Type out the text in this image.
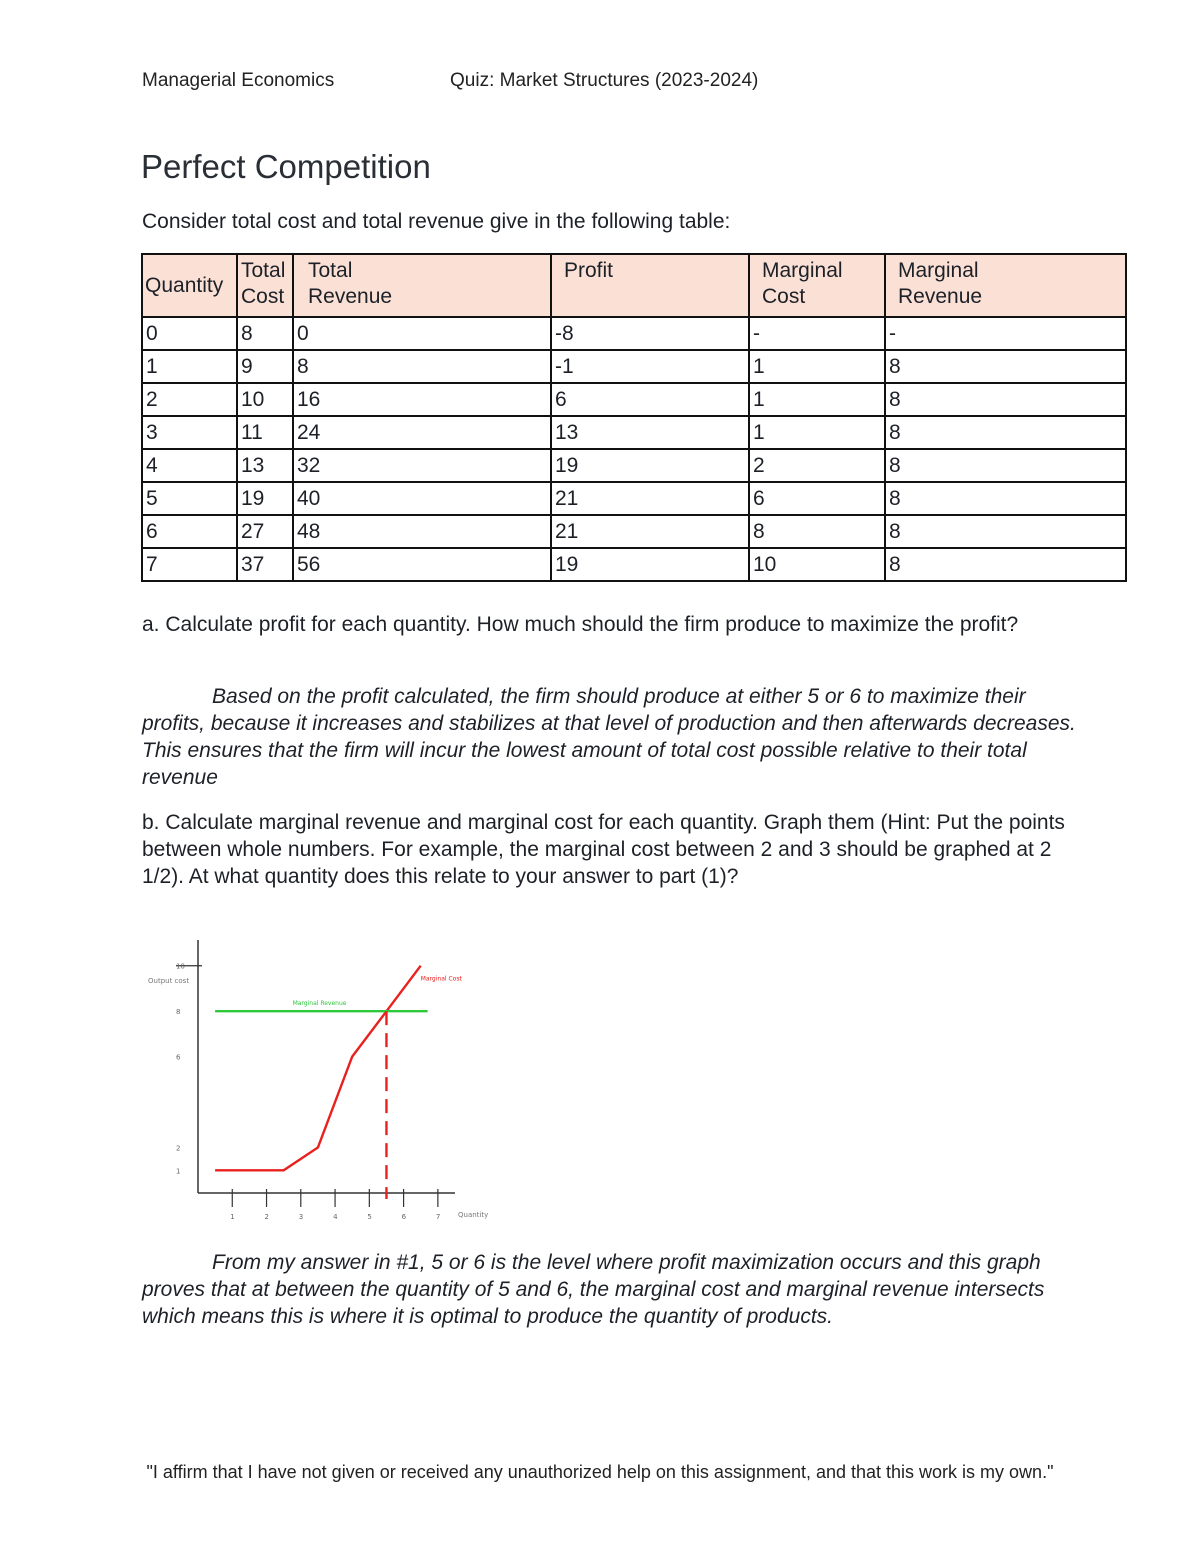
Managerial Economics	Quiz: Market Structures (2023-2024)
Perfect Competition

Consider total cost and total revenue give in the following table:

Quantity	Total Cost	Total Revenue	Profit	Marginal Cost	Marginal Revenue

0	8	0	-8	-	-
1	9	8	-1	1	8
2	10	16	6	1	8
3	11	24	13	1	8
4	13	32	19	2	8
5	19	40	21	6	8
6	27	48	21	8	8
7	37	56	19	10	8

a. Calculate profit for each quantity. How much should the firm produce to maximize the profit?

Based on the profit calculated, the firm should produce at either 5 or 6 to maximize their profits, because it increases and stabilizes at that level of production and then afterwards decreases. This ensures that the firm will incur the lowest amount of total cost possible relative to their total revenue

b. Calculate marginal revenue and marginal cost for each quantity. Graph them (Hint: Put the points between whole numbers. For example, the marginal cost between 2 and 3 should be graphed at 2 1/2). At what quantity does this relate to your answer to part (1)?

Output cost
Quantity
10
8
6
2
1
1	2	3	4	5	6	7
Marginal Cost
Marginal Revenue

From my answer in #1, 5 or 6 is the level where profit maximization occurs and this graph proves that at between the quantity of 5 and 6, the marginal cost and marginal revenue intersects which means this is where it is optimal to produce the quantity of products.

"I affirm that I have not given or received any unauthorized help on this assignment, and that this work is my own."
